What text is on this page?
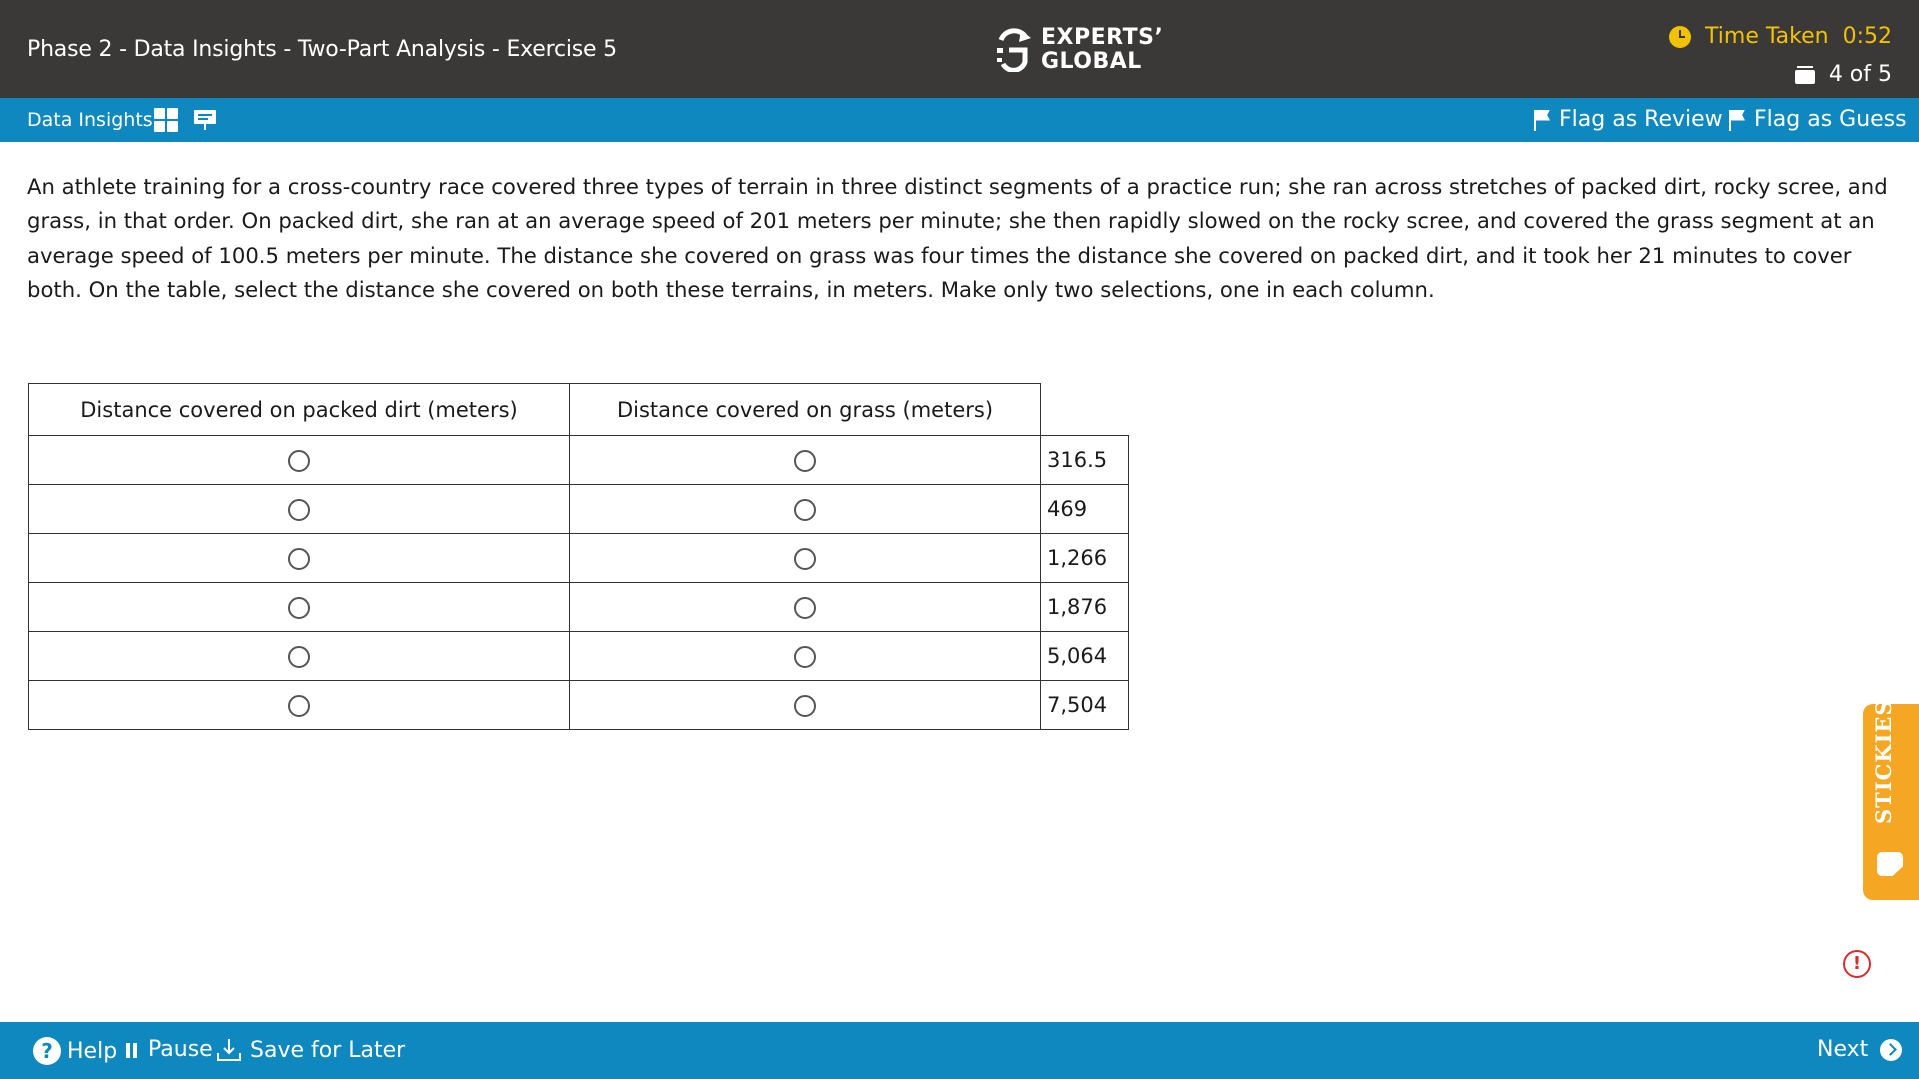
Phase 2 - Data Insights - Two-Part Analysis - Exercise 5	EXPERTS’
GLOBAL
Time Taken 0:52
4 of 5
Data Insights	Flag as Review Flag as Guess
An athlete training for a cross-country race covered three types of terrain in three distinct segments of a practice run; she ran across stretches of packed dirt, rocky scree, and grass, in that order. On packed dirt, she ran at an average speed of 201 meters per minute; she then rapidly slowed on the rocky scree, and covered the grass segment at an average speed of 100.5 meters per minute. The distance she covered on grass was four times the distance she covered on packed dirt, and it took her 21 minutes to cover both. On the table, select the distance she covered on both these terrains, in meters. Make only two selections, one in each column.
Distance covered on packed dirt (meters)	Distance covered on grass (meters)	
		316.5
		469
		1,266
		1,876
		5,064
		7,504	STICKIES
!
? Help Pause Save for Later	Next
